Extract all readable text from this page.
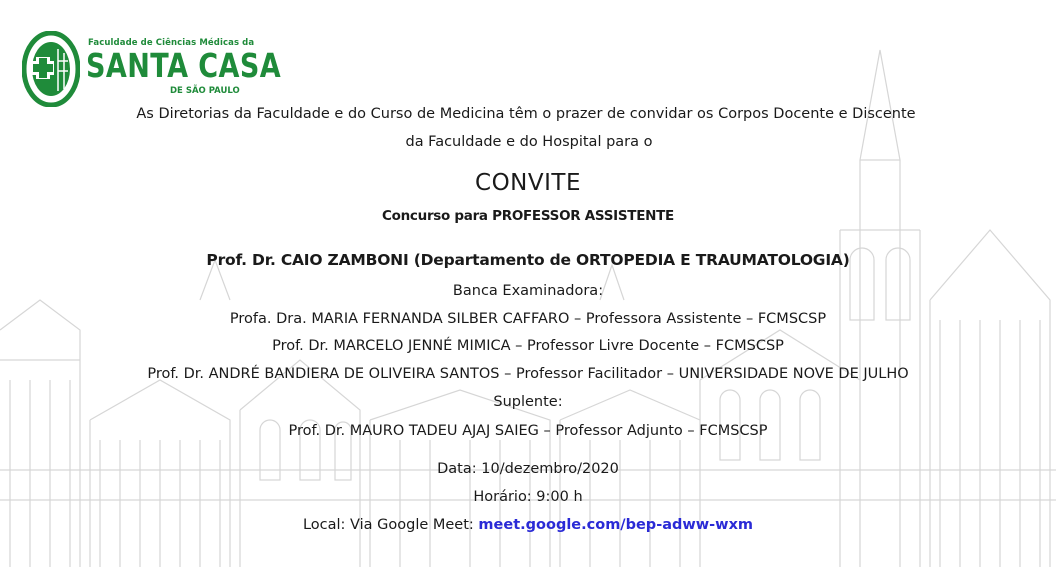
Faculdade de Ciências Médicas da
SANTA CASA
DE SÃO PAULO
As Diretorias da Faculdade e do Curso de Medicina têm o prazer de convidar os Corpos Docente e Discente
da Faculdade e do Hospital para o
CONVITE
Concurso para PROFESSOR ASSISTENTE
Prof. Dr. CAIO ZAMBONI (Departamento de ORTOPEDIA E TRAUMATOLOGIA)
Banca Examinadora:
Profa. Dra. MARIA FERNANDA SILBER CAFFARO – Professora Assistente – FCMSCSP
Prof. Dr. MARCELO JENNÉ MIMICA – Professor Livre Docente – FCMSCSP
Prof. Dr. ANDRÉ BANDIERA DE OLIVEIRA SANTOS – Professor Facilitador – UNIVERSIDADE NOVE DE JULHO
Suplente:
Prof. Dr. MAURO TADEU AJAJ SAIEG – Professor Adjunto – FCMSCSP
Data: 10/dezembro/2020
Horário: 9:00 h
Local: Via Google Meet: meet.google.com/bep-adww-wxm
